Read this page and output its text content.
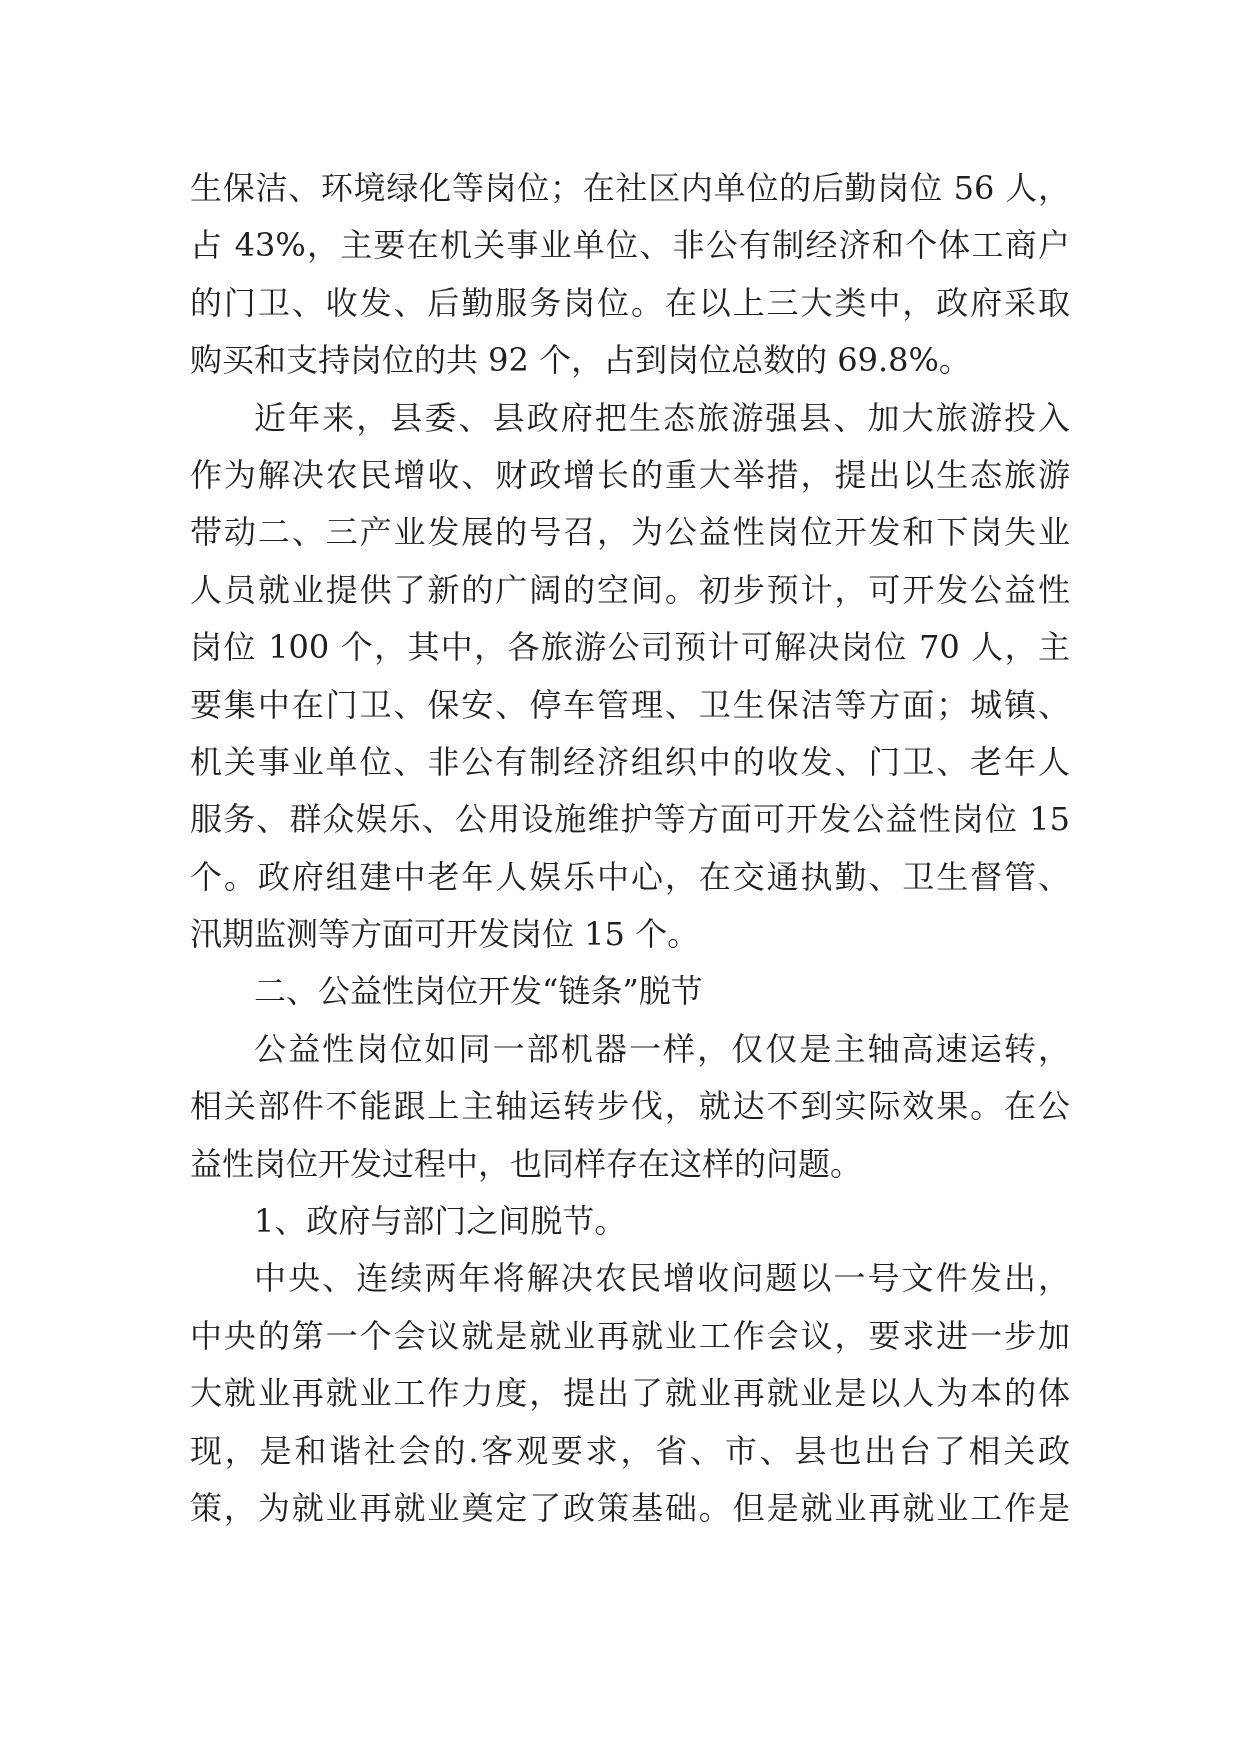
生保洁、环境绿化等岗位；在社区内单位的后勤岗位 56 人，
占 43%，主要在机关事业单位、非公有制经济和个体工商户
的门卫、收发、后勤服务岗位。在以上三大类中，政府采取
购买和支持岗位的共 92 个，占到岗位总数的 69.8%。
近年来，县委、县政府把生态旅游强县、加大旅游投入
作为解决农民增收、财政增长的重大举措，提出以生态旅游
带动二、三产业发展的号召，为公益性岗位开发和下岗失业
人员就业提供了新的广阔的空间。初步预计，可开发公益性
岗位 100 个，其中，各旅游公司预计可解决岗位 70 人，主
要集中在门卫、保安、停车管理、卫生保洁等方面；城镇、
机关事业单位、非公有制经济组织中的收发、门卫、老年人
服务、群众娱乐、公用设施维护等方面可开发公益性岗位 15
个。政府组建中老年人娱乐中心，在交通执勤、卫生督管、
汛期监测等方面可开发岗位 15 个。
二、公益性岗位开发“链条”脱节
公益性岗位如同一部机器一样，仅仅是主轴高速运转，
相关部件不能跟上主轴运转步伐，就达不到实际效果。在公
益性岗位开发过程中，也同样存在这样的问题。
1、政府与部门之间脱节。
中央、连续两年将解决农民增收问题以一号文件发出，
中央的第一个会议就是就业再就业工作会议，要求进一步加
大就业再就业工作力度，提出了就业再就业是以人为本的体
现，是和谐社会的.客观要求，省、市、县也出台了相关政
策，为就业再就业奠定了政策基础。但是就业再就业工作是
